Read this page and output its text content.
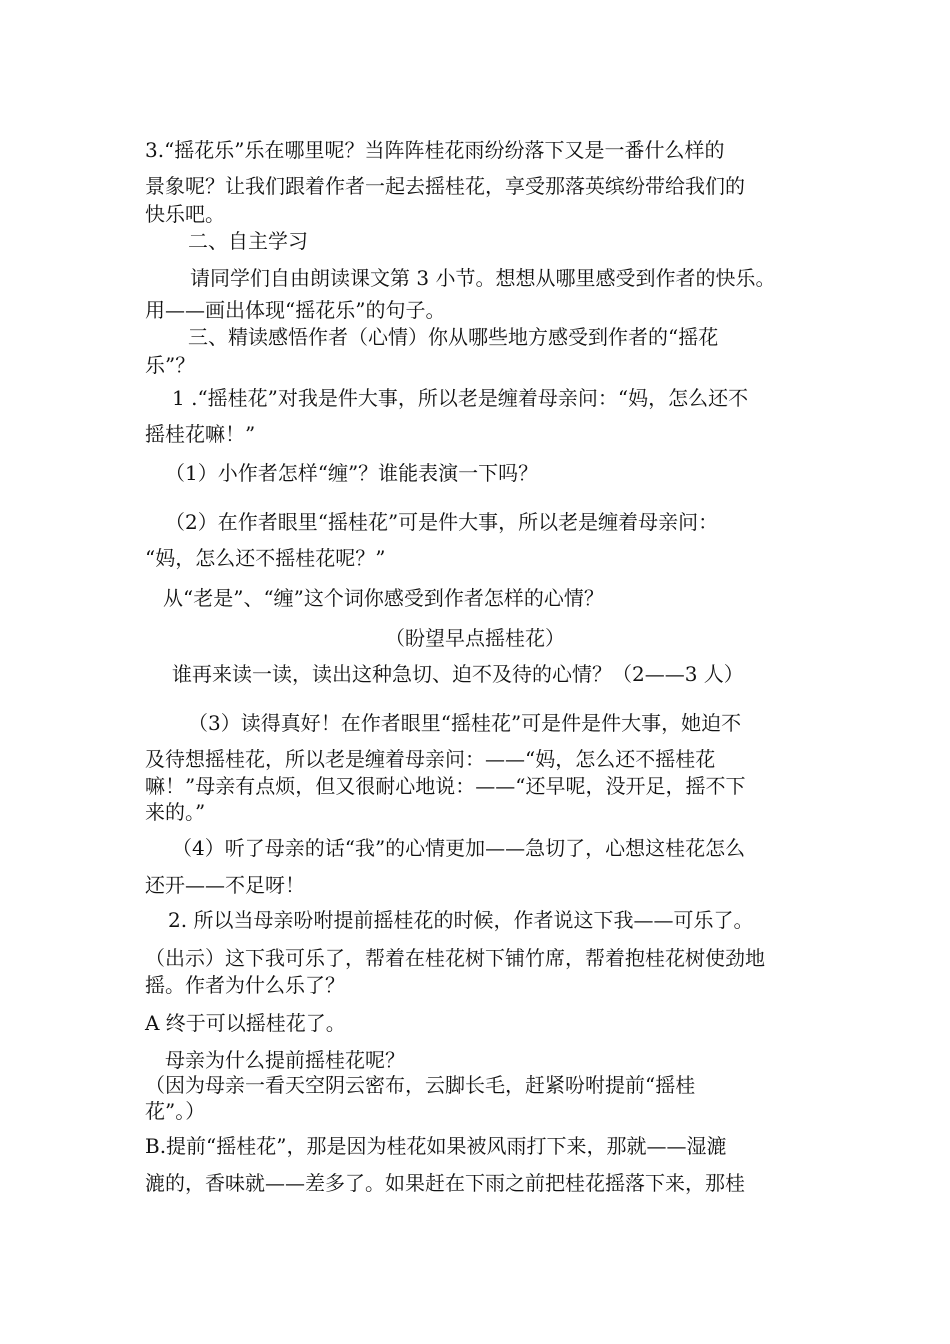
3.“摇花乐”乐在哪里呢？当阵阵桂花雨纷纷落下又是一番什么样的
景象呢？让我们跟着作者一起去摇桂花，享受那落英缤纷带给我们的
快乐吧。
二、自主学习
请同学们自由朗读课文第 3 小节。想想从哪里感受到作者的快乐。
用——画出体现“摇花乐”的句子。
三、精读感悟作者（心情）你从哪些地方感受到作者的“摇花
乐”？
1 .“摇桂花”对我是件大事，所以老是缠着母亲问：“妈，怎么还不
摇桂花嘛！”
（1）小作者怎样“缠”？谁能表演一下吗？
（2）在作者眼里“摇桂花”可是件大事，所以老是缠着母亲问：
“妈，怎么还不摇桂花呢？”
从“老是”、“缠”这个词你感受到作者怎样的心情？
（盼望早点摇桂花）
谁再来读一读，读出这种急切、迫不及待的心情？（2——3 人）
（3）读得真好！在作者眼里“摇桂花”可是件是件大事，她迫不
及待想摇桂花，所以老是缠着母亲问：——“妈，怎么还不摇桂花
嘛！”母亲有点烦，但又很耐心地说：——“还早呢，没开足，摇不下
来的。”
（4）听了母亲的话“我”的心情更加——急切了，心想这桂花怎么
还开——不足呀！
2. 所以当母亲吩咐提前摇桂花的时候，作者说这下我——可乐了。
（出示）这下我可乐了，帮着在桂花树下铺竹席，帮着抱桂花树使劲地
摇。作者为什么乐了？
A 终于可以摇桂花了。
母亲为什么提前摇桂花呢？
（因为母亲一看天空阴云密布，云脚长毛，赶紧吩咐提前“摇桂
花”。）
B.提前“摇桂花”，那是因为桂花如果被风雨打下来，那就——湿漉
漉的，香味就——差多了。如果赶在下雨之前把桂花摇落下来，那桂
